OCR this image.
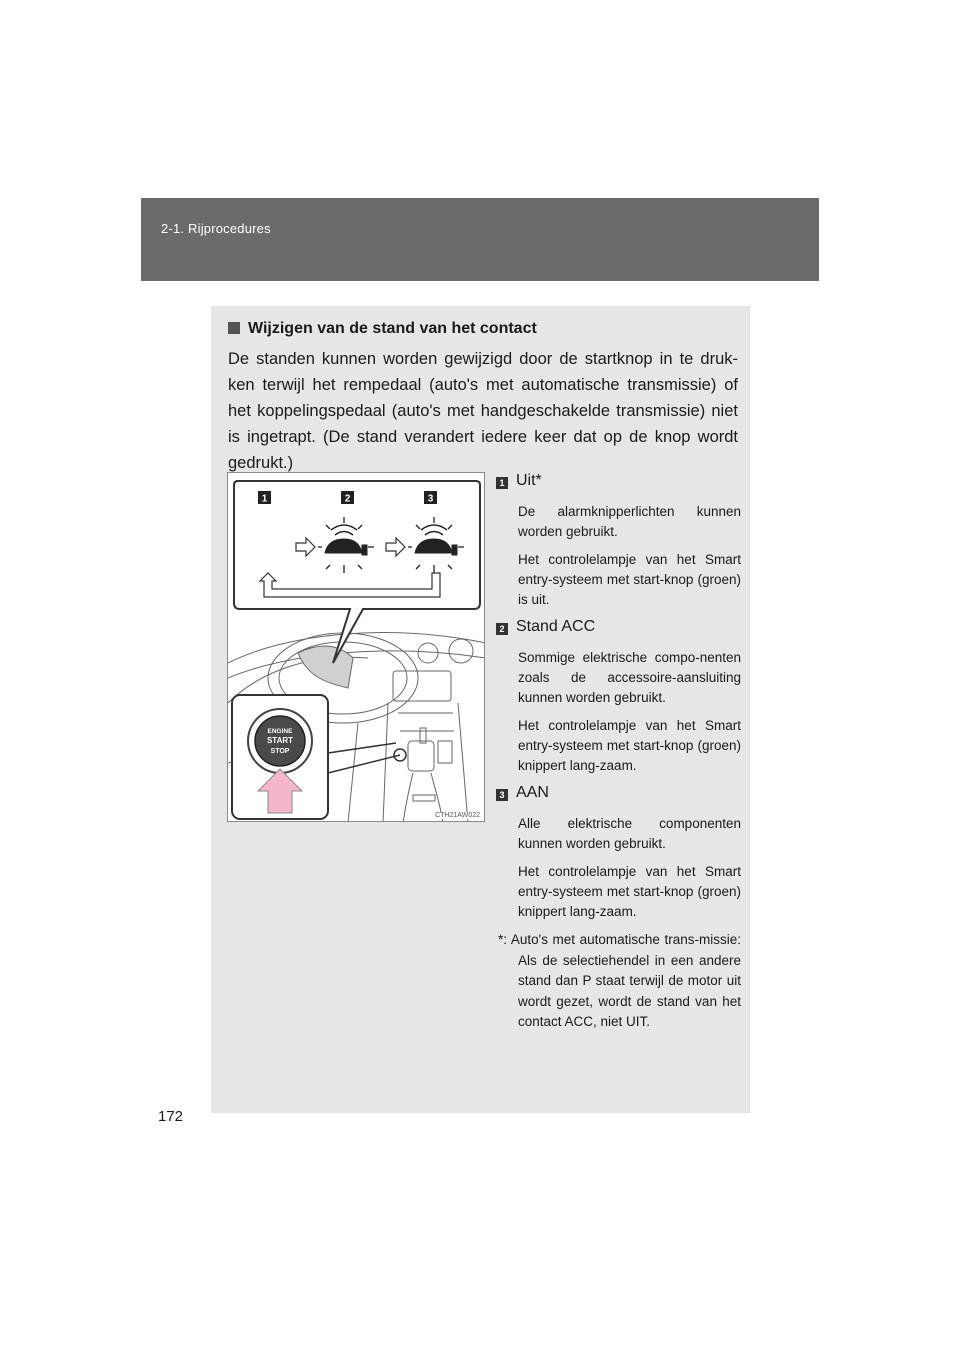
2-1. Rijprocedures
Wijzigen van de stand van het contact
De standen kunnen worden gewijzigd door de startknop in te druk-ken terwijl het rempedaal (auto's met automatische transmissie) of het koppelingspedaal (auto's met handgeschakelde transmissie) niet is ingetrapt. (De stand verandert iedere keer dat op de knop wordt gedrukt.)
1	2	3
ENGINE
START
STOP
CTH21AW022
1 Uit*
De alarmknipperlichten kunnen worden gebruikt.
Het controlelampje van het Smart entry-systeem met start-knop (groen) is uit.
2 Stand ACC
Sommige elektrische compo-nenten zoals de accessoire-aansluiting kunnen worden gebruikt.
Het controlelampje van het Smart entry-systeem met start-knop (groen) knippert lang-zaam.
3 AAN
Alle elektrische componenten kunnen worden gebruikt.
Het controlelampje van het Smart entry-systeem met start-knop (groen) knippert lang-zaam.
*: Auto's met automatische trans-missie: Als de selectiehendel in een andere stand dan P staat terwijl de motor uit wordt gezet, wordt de stand van het contact ACC, niet UIT.
172
